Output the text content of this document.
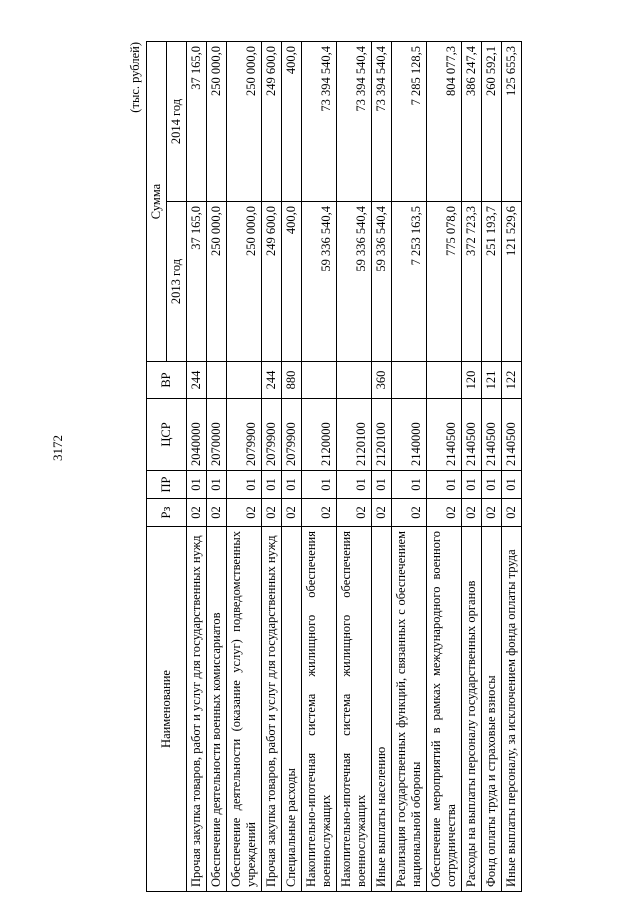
3172
(тыс. рублей)
Наименование	Рз	ПР	ЦСР	ВР	Сумма	
					2013 год	2014 год
Прочая закупка товаров, работ и услуг для государственных нужд	02	01	2040000	244	37 165,0	37 165,0
Обеспечение деятельности военных комиссариатов	02	01	2070000		250 000,0	250 000,0
Обеспечение деятельности (оказание услуг) подведомственных учреждений	02	01	2079900		250 000,0	250 000,0
Прочая закупка товаров, работ и услуг для государственных нужд	02	01	2079900	244	249 600,0	249 600,0
Специальные расходы	02	01	2079900	880	400,0	400,0
Накопительно-ипотечная система жилищного обеспечения военнослужащих	02	01	2120000		59 336 540,4	73 394 540,4
Накопительно-ипотечная система жилищного обеспечения военнослужащих	02	01	2120100		59 336 540,4	73 394 540,4
Иные выплаты населению	02	01	2120100	360	59 336 540,4	73 394 540,4
Реализация государственных функций, связанных с обеспечением национальной обороны	02	01	2140000		7 253 163,5	7 285 128,5
Обеспечение мероприятий в рамках международного военного сотрудничества	02	01	2140500		775 078,0	804 077,3
Расходы на выплаты персоналу государственных органов	02	01	2140500	120	372 723,3	386 247,4
Фонд оплаты труда и страховые взносы	02	01	2140500	121	251 193,7	260 592,1
Иные выплаты персоналу, за исключением фонда оплаты труда	02	01	2140500	122	121 529,6	125 655,3
